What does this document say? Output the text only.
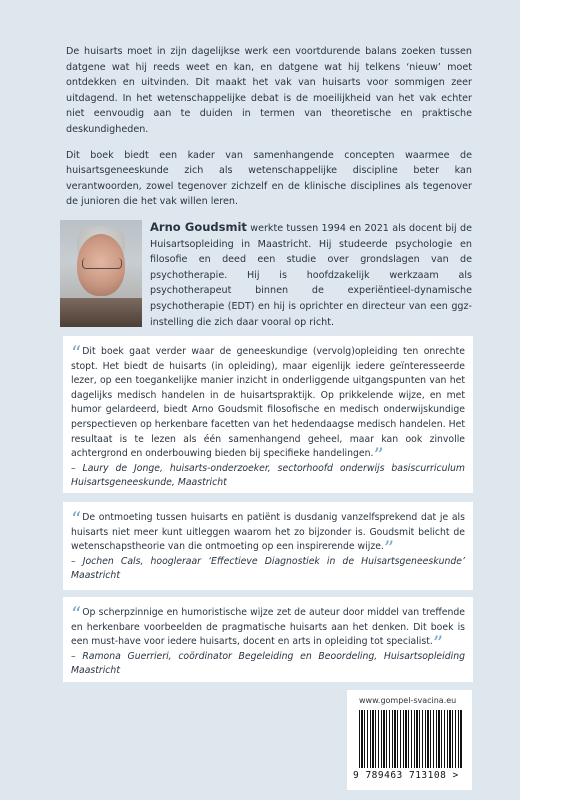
De huisarts moet in zijn dagelijkse werk een voortdurende balans zoeken tussen datgene wat hij reeds weet en kan, en datgene wat hij telkens ‘nieuw’ moet ontdekken en uitvinden. Dit maakt het vak van huisarts voor sommigen zeer uitdagend. In het wetenschappelijke debat is de moeilijkheid van het vak echter niet eenvoudig aan te duiden in termen van theoretische en praktische deskundigheden.

Dit boek biedt een kader van samenhangende concepten waarmee de huisartsgeneeskunde zich als wetenschappelijke discipline beter kan verantwoorden, zowel tegenover zichzelf en de klinische disciplines als tegenover de junioren die het vak willen leren.

Arno Goudsmit werkte tussen 1994 en 2021 als docent bij de Huisartsopleiding in Maastricht. Hij studeerde psychologie en filosofie en deed een studie over grondslagen van de psychotherapie. Hij is hoofdzakelijk werkzaam als psychotherapeut binnen de experiëntieel-dynamische psychotherapie (EDT) en hij is oprichter en directeur van een ggz-instelling die zich daar vooral op richt.
“Dit boek gaat verder waar de geneeskundige (vervolg)opleiding ten onrechte stopt. Het biedt de huisarts (in opleiding), maar eigenlijk iedere geïnteresseerde lezer, op een toegankelijke manier inzicht in onderliggende uitgangspunten van het dagelijks medisch handelen in de huisartspraktijk. Op prikkelende wijze, en met humor gelardeerd, biedt Arno Goudsmit filosofische en medisch onderwijskundige perspectieven op herkenbare facetten van het hedendaagse medisch handelen. Het resultaat is te lezen als één samenhangend geheel, maar kan ook zinvolle achtergrond en onderbouwing bieden bij specifieke handelingen.”
– Laury de Jonge, huisarts-onderzoeker, sectorhoofd onderwijs basiscurriculum Huisartsgeneeskunde, Maastricht
“De ontmoeting tussen huisarts en patiënt is dusdanig vanzelfsprekend dat je als huisarts niet meer kunt uitleggen waarom het zo bijzonder is. Goudsmit belicht de wetenschapstheorie van die ontmoeting op een inspirerende wijze.”
– Jochen Cals, hoogleraar ‘Effectieve Diagnostiek in de Huisartsgeneeskunde’ Maastricht
“Op scherpzinnige en humoristische wijze zet de auteur door middel van treffende en herkenbare voorbeelden de pragmatische huisarts aan het denken. Dit boek is een must-have voor iedere huisarts, docent en arts in opleiding tot specialist.”
– Ramona Guerrieri, coördinator Begeleiding en Beoordeling, Huisartsopleiding Maastricht
www.gompel-svacina.eu
9 789463 713108 >
